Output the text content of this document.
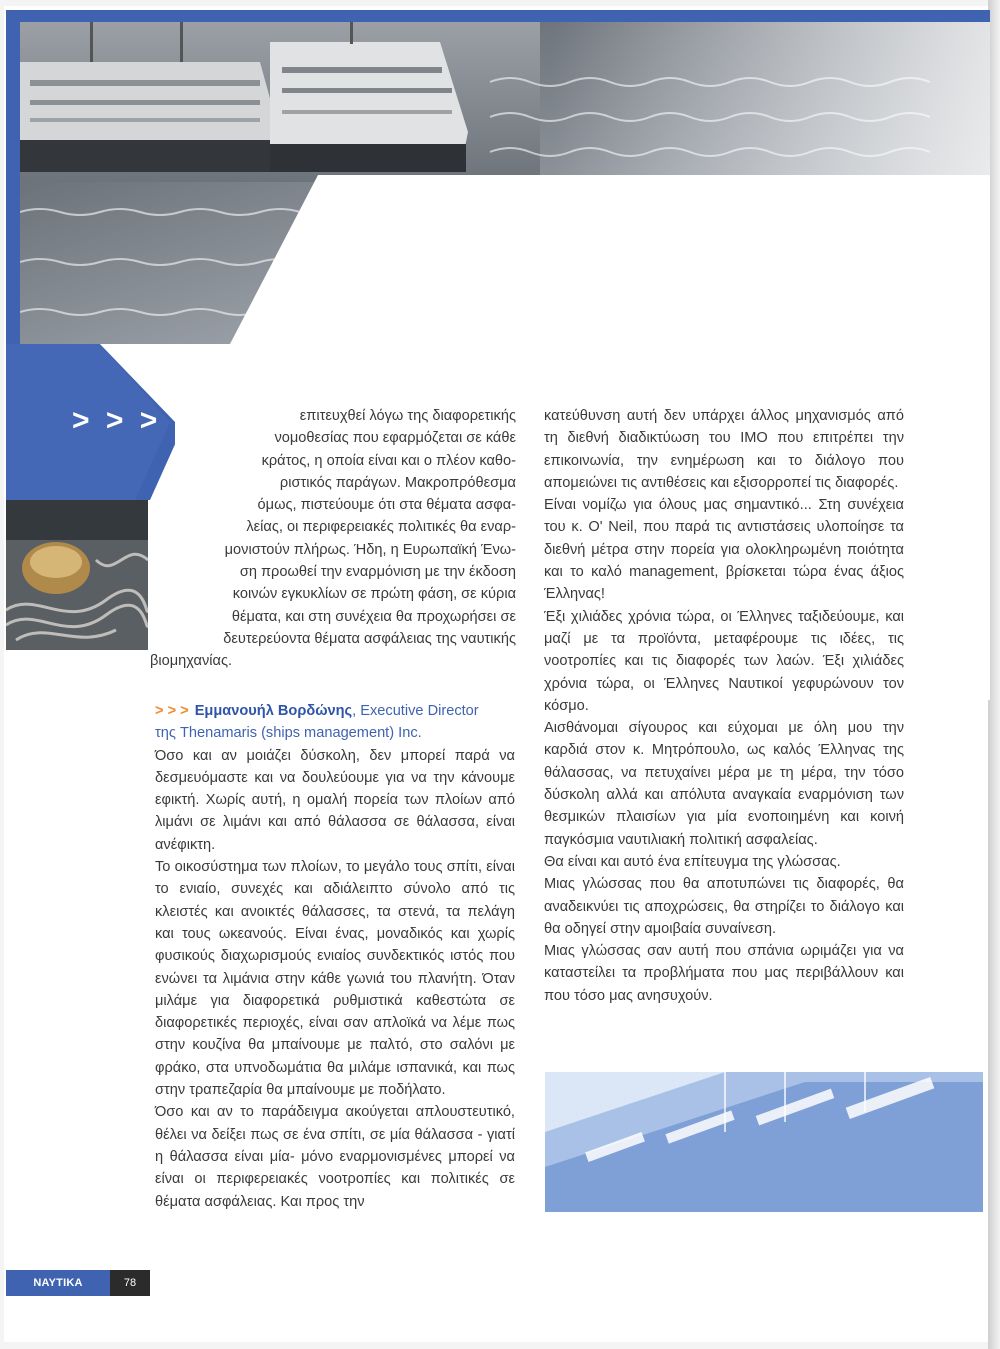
> > >	επιτευχθεί λόγω της διαφορετικής

νομοθεσίας που εφαρμόζεται σε κάθε

κράτος, η οποία είναι και ο πλέον καθο-

ριστικός παράγων. Μακροπρόθεσμα

όμως, πιστεύουμε ότι στα θέματα ασφα-

λείας, οι περιφερειακές πολιτικές θα εναρ-

μονιστούν πλήρως. Ήδη, η Ευρωπαϊκή Ένω-

ση προωθεί την εναρμόνιση με την έκδοση

κοινών εγκυκλίων σε πρώτη φάση, σε κύρια

θέματα, και στη συνέχεια θα προχωρήσει σε

δευτερεύοντα θέματα ασφάλειας της ναυτικής

βιομηχανίας.

> > > Εμμανουήλ Βορδώνης, Executive Director

της Thenamaris (ships management) Inc.

Όσο και αν μοιάζει δύσκολη, δεν μπορεί παρά να δεσμευόμαστε και να δουλεύουμε για να την κάνουμε εφικτή. Χωρίς αυτή, η ομαλή πορεία των πλοίων από λιμάνι σε λιμάνι και από θάλασσα σε θάλασσα, είναι ανέφικτη.

Το οικοσύστημα των πλοίων, το μεγάλο τους σπίτι, είναι το ενιαίο, συνεχές και αδιάλειπτο σύνολο από τις κλειστές και ανοικτές θάλασσες, τα στενά, τα πελάγη και τους ωκεανούς. Είναι ένας, μοναδικός και χωρίς φυσικούς διαχωρισμούς ενιαίος συνδεκτικός ιστός που ενώνει τα λιμάνια στην κάθε γωνιά του πλανήτη. Όταν μιλάμε για διαφορετικά ρυθμιστικά καθεστώτα σε διαφορετικές περιοχές, είναι σαν απλοϊκά να λέμε πως στην κουζίνα θα μπαίνουμε με παλτό, στο σαλόνι με φράκο, στα υπνοδωμάτια θα μιλάμε ισπανικά, και πως στην τραπεζαρία θα μπαίνουμε με ποδήλατο.

Όσο και αν το παράδειγμα ακούγεται απλουστευτικό, θέλει να δείξει πως σε ένα σπίτι, σε μία θάλασσα - γιατί η θάλασσα είναι μία- μόνο εναρμονισμένες μπορεί να είναι οι περιφερειακές νοοτροπίες και πολιτικές σε θέματα ασφάλειας. Και προς την

κατεύθυνση αυτή δεν υπάρχει άλλος μηχανισμός από τη διεθνή διαδικτύωση του ΙΜΟ που επιτρέπει την επικοινωνία, την ενημέρωση και το διάλογο που απομειώνει τις αντιθέσεις και εξισορροπεί τις διαφορές.

Είναι νομίζω για όλους μας σημαντικό... Στη συνέχεια του κ. Ο' Neil, που παρά τις αντιστάσεις υλοποίησε τα διεθνή μέτρα στην πορεία για ολοκληρωμένη ποιότητα και το καλό management, βρίσκεται τώρα ένας άξιος Έλληνας!

Έξι χιλιάδες χρόνια τώρα, οι Έλληνες ταξιδεύουμε, και μαζί με τα προϊόντα, μεταφέρουμε τις ιδέες, τις νοοτροπίες και τις διαφορές των λαών. Έξι χιλιάδες χρόνια τώρα, οι Έλληνες Ναυτικοί γεφυρώνουν τον κόσμο.

Αισθάνομαι σίγουρος και εύχομαι με όλη μου την καρδιά στον κ. Μητρόπουλο, ως καλός Έλληνας της θάλασσας, να πετυχαίνει μέρα με τη μέρα, την τόσο δύσκολη αλλά και απόλυτα αναγκαία εναρμόνιση των θεσμικών πλαισίων για μία ενοποιημένη και κοινή παγκόσμια ναυτιλιακή πολιτική ασφαλείας.

Θα είναι και αυτό ένα επίτευγμα της γλώσσας.

Μιας γλώσσας που θα αποτυπώνει τις διαφορές, θα αναδεικνύει τις αποχρώσεις, θα στηρίζει το διάλογο και θα οδηγεί στην αμοιβαία συναίνεση.

Μιας γλώσσας σαν αυτή που σπάνια ωριμάζει για να καταστείλει τα προβλήματα που μας περιβάλλουν και που τόσο μας ανησυχούν.

ΝΑΥΤΙΚΑ ΧΡΟΝΙΚΑ
78
